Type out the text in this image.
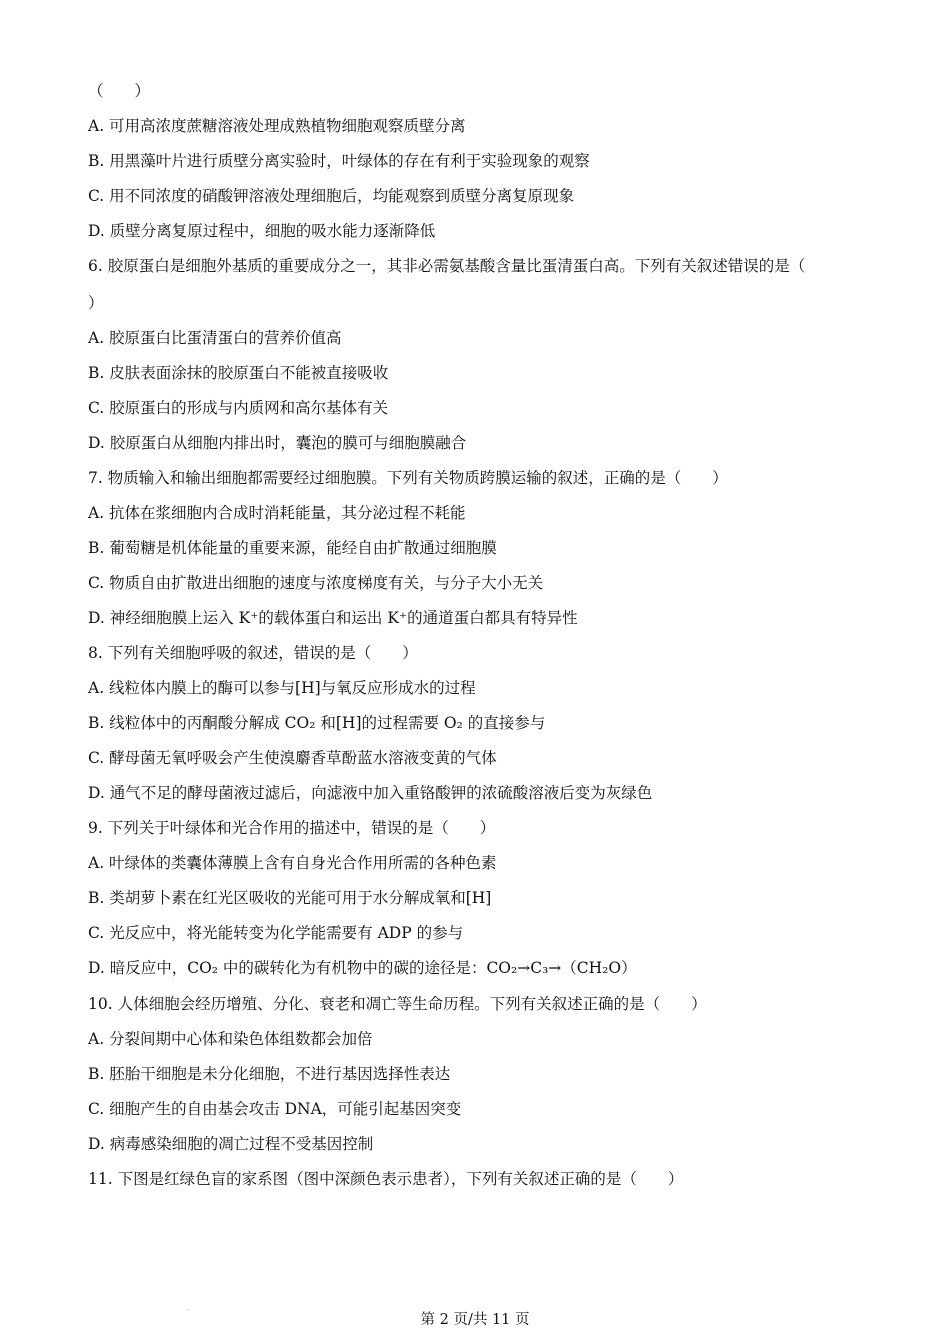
（　　）
A. 可用高浓度蔗糖溶液处理成熟植物细胞观察质壁分离
B. 用黑藻叶片进行质壁分离实验时，叶绿体的存在有利于实验现象的观察
C. 用不同浓度的硝酸钾溶液处理细胞后，均能观察到质壁分离复原现象
D. 质壁分离复原过程中，细胞的吸水能力逐渐降低
6. 胶原蛋白是细胞外基质的重要成分之一，其非必需氨基酸含量比蛋清蛋白高。下列有关叙述错误的是（
）
A. 胶原蛋白比蛋清蛋白的营养价值高
B. 皮肤表面涂抹的胶原蛋白不能被直接吸收
C. 胶原蛋白的形成与内质网和高尔基体有关
D. 胶原蛋白从细胞内排出时，囊泡的膜可与细胞膜融合
7. 物质输入和输出细胞都需要经过细胞膜。下列有关物质跨膜运输的叙述，正确的是（　　）
A. 抗体在浆细胞内合成时消耗能量，其分泌过程不耗能
B. 葡萄糖是机体能量的重要来源，能经自由扩散通过细胞膜
C. 物质自由扩散进出细胞的速度与浓度梯度有关，与分子大小无关
D. 神经细胞膜上运入 K⁺的载体蛋白和运出 K⁺的通道蛋白都具有特异性
8. 下列有关细胞呼吸的叙述，错误的是（　　）
A. 线粒体内膜上的酶可以参与[H]与氧反应形成水的过程
B. 线粒体中的丙酮酸分解成 CO₂ 和[H]的过程需要 O₂ 的直接参与
C. 酵母菌无氧呼吸会产生使溴麝香草酚蓝水溶液变黄的气体
D. 通气不足的酵母菌液过滤后，向滤液中加入重铬酸钾的浓硫酸溶液后变为灰绿色
9. 下列关于叶绿体和光合作用的描述中，错误的是（　　）
A. 叶绿体的类囊体薄膜上含有自身光合作用所需的各种色素
B. 类胡萝卜素在红光区吸收的光能可用于水分解成氧和[H]
C. 光反应中，将光能转变为化学能需要有 ADP 的参与
D. 暗反应中，CO₂ 中的碳转化为有机物中的碳的途径是：CO₂→C₃→（CH₂O）
10. 人体细胞会经历增殖、分化、衰老和凋亡等生命历程。下列有关叙述正确的是（　　）
A. 分裂间期中心体和染色体组数都会加倍
B. 胚胎干细胞是未分化细胞，不进行基因选择性表达
C. 细胞产生的自由基会攻击 DNA，可能引起基因突变
D. 病毒感染细胞的凋亡过程不受基因控制
11. 下图是红绿色盲的家系图（图中深颜色表示患者），下列有关叙述正确的是（　　）
·
第 2 页/共 11 页
